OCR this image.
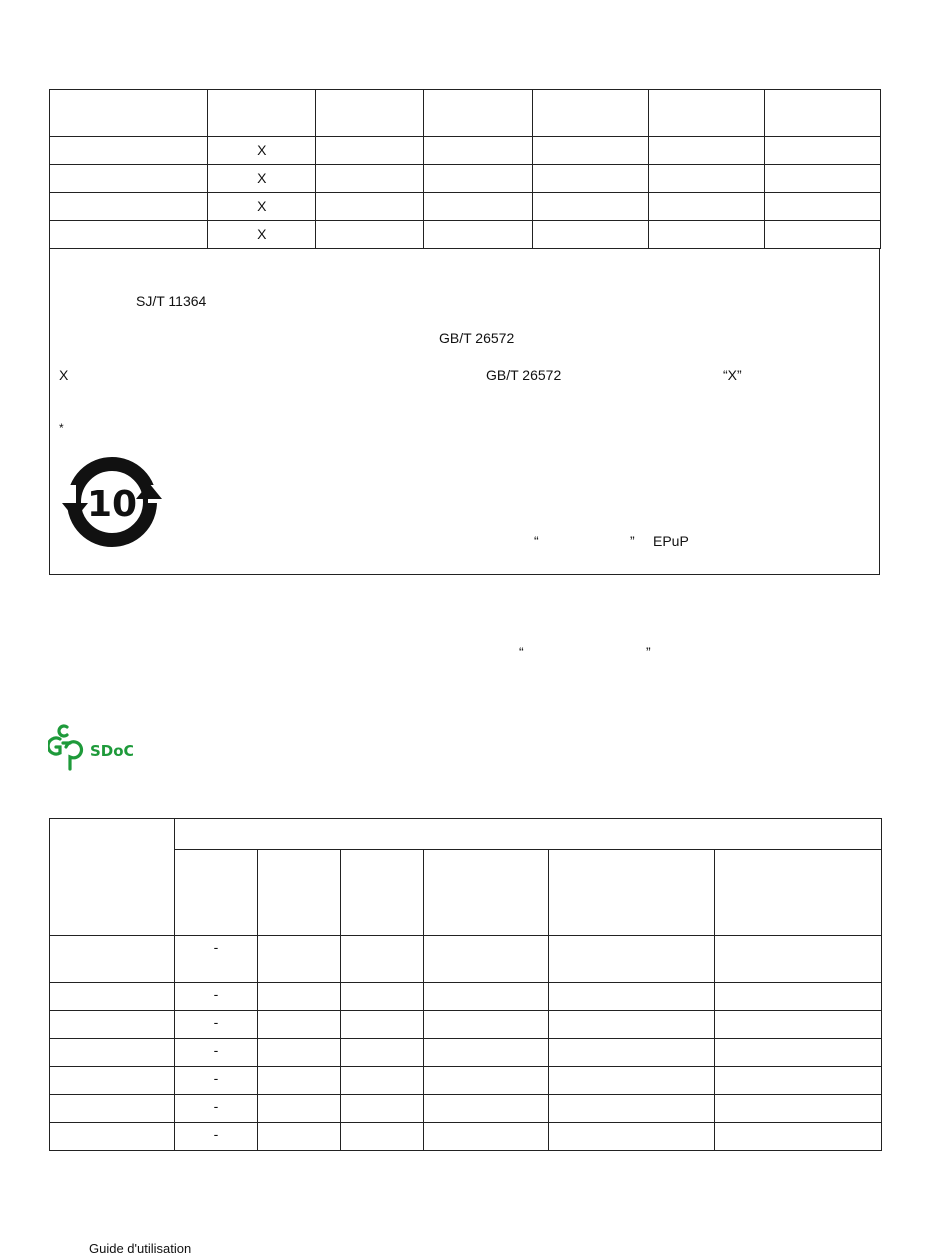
	X					
	X					
	X					
	X					
SJ/T 11364
GB/T 26572
X	GB/T 26572	“X”
*
10
“	” EPuP
“	”
SDoC

	-					
	-					
	-					
	-					
	-					
	-					
	-					
Guide d'utilisation
